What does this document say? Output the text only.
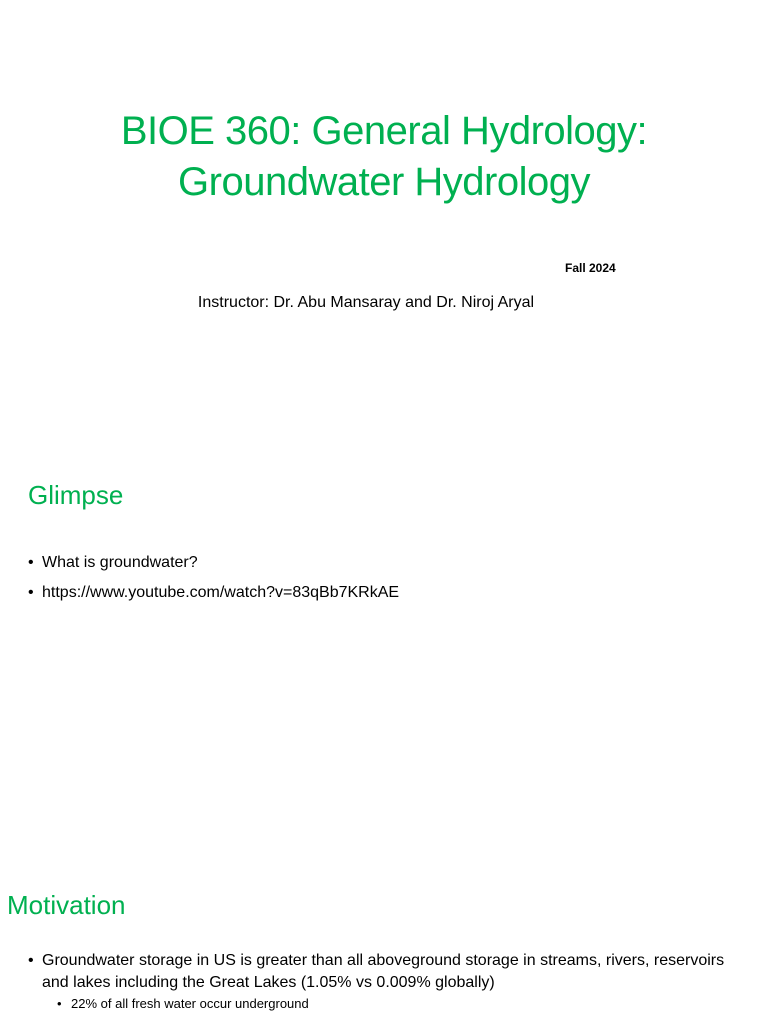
BIOE 360: General Hydrology:
Groundwater Hydrology
Fall 2024
Instructor: Dr. Abu Mansaray and Dr. Niroj Aryal
Glimpse
• What is groundwater?
• https://www.youtube.com/watch?v=83qBb7KRkAE
Motivation
• Groundwater storage in US is greater than all aboveground storage in streams, rivers, reservoirs and lakes including the Great Lakes (1.05% vs 0.009% globally)
• 22% of all fresh water occur underground
